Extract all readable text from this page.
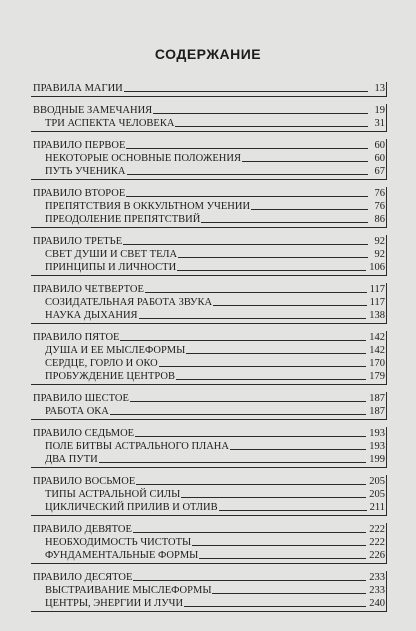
СОДЕРЖАНИЕ
ПРАВИЛА МАГИИ	13
ВВОДНЫЕ ЗАМЕЧАНИЯ	19
ТРИ АСПЕКТА ЧЕЛОВЕКА	31
ПРАВИЛО ПЕРВОЕ	60
НЕКОТОРЫЕ ОСНОВНЫЕ ПОЛОЖЕНИЯ	60
ПУТЬ УЧЕНИКА	67
ПРАВИЛО ВТОРОЕ	76
ПРЕПЯТСТВИЯ В ОККУЛЬТНОМ УЧЕНИИ	76
ПРЕОДОЛЕНИЕ ПРЕПЯТСТВИЙ	86
ПРАВИЛО ТРЕТЬЕ	92
СВЕТ ДУШИ И СВЕТ ТЕЛА	92
ПРИНЦИПЫ И ЛИЧНОСТИ	106
ПРАВИЛО ЧЕТВЕРТОЕ	117
СОЗИДАТЕЛЬНАЯ РАБОТА ЗВУКА	117
НАУКА ДЫХАНИЯ	138
ПРАВИЛО ПЯТОЕ	142
ДУША И ЕЕ МЫСЛЕФОРМЫ	142
СЕРДЦЕ, ГОРЛО И ОКО	170
ПРОБУЖДЕНИЕ ЦЕНТРОВ	179
ПРАВИЛО ШЕСТОЕ	187
РАБОТА ОКА	187
ПРАВИЛО СЕДЬМОЕ	193
ПОЛЕ БИТВЫ АСТРАЛЬНОГО ПЛАНА	193
ДВА ПУТИ	199
ПРАВИЛО ВОСЬМОЕ	205
ТИПЫ АСТРАЛЬНОЙ СИЛЫ	205
ЦИКЛИЧЕСКИЙ ПРИЛИВ И ОТЛИВ	211
ПРАВИЛО ДЕВЯТОЕ	222
НЕОБХОДИМОСТЬ ЧИСТОТЫ	222
ФУНДАМЕНТАЛЬНЫЕ ФОРМЫ	226
ПРАВИЛО ДЕСЯТОЕ	233
ВЫСТРАИВАНИЕ МЫСЛЕФОРМЫ	233
ЦЕНТРЫ, ЭНЕРГИИ И ЛУЧИ	240
